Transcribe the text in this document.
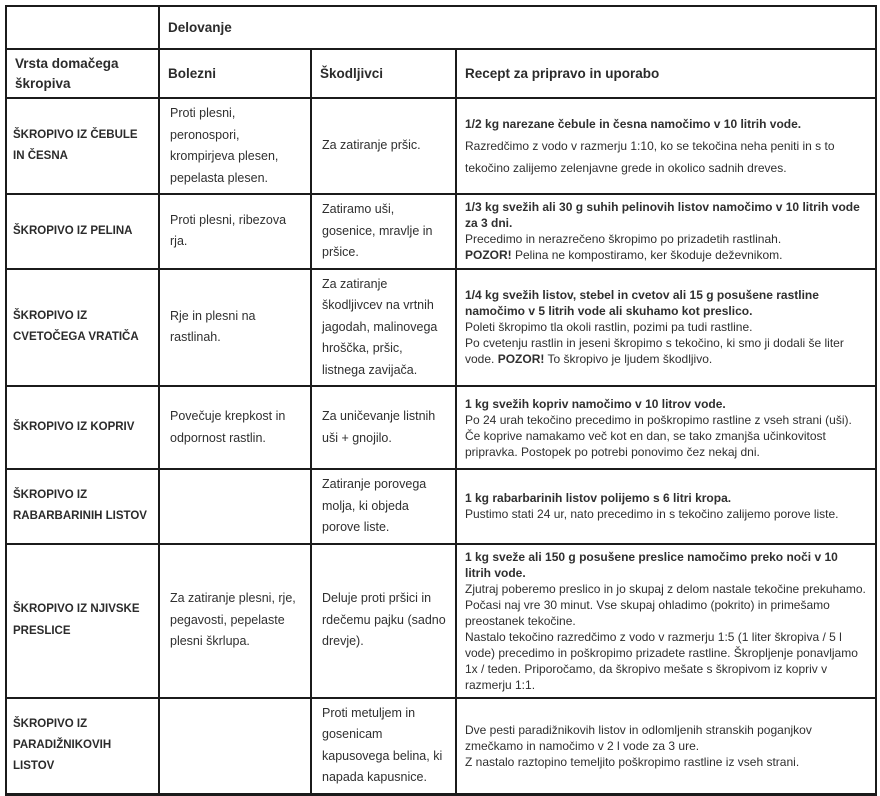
	Delovanje		
Vrsta domačega škropiva	Bolezni	Škodljivci	Recept za pripravo in uporabo
ŠKROPIVO IZ ČEBULE IN ČESNA	Proti plesni, peronospori, krompirjeva plesen, pepelasta plesen.	Za zatiranje pršic.	1/2 kg narezane čebule in česna namočimo v 10 litrih vode.
Razredčimo z vodo v razmerju 1:10, ko se tekočina neha peniti in s to tekočino zalijemo zelenjavne grede in okolico sadnih dreves.

ŠKROPIVO IZ PELINA	Proti plesni, ribezova rja.	Zatiramo uši, gosenice, mravlje in pršice.	1/3 kg svežih ali 30 g suhih pelinovih listov namočimo v 10 litrih vode za 3 dni.
Precedimo in nerazrečeno škropimo po prizadetih rastlinah.
POZOR! Pelina ne kompostiramo, ker škoduje deževnikom.

ŠKROPIVO IZ CVETOČEGA VRATIČA	Rje in plesni na rastlinah.	Za zatiranje škodljivcev na vrtnih jagodah, malinovega hroščka, pršic, listnega zavijača.	1/4 kg svežih listov, stebel in cvetov ali 15 g posušene rastline namočimo v 5 litrih vode ali skuhamo kot preslico.
Poleti škropimo tla okoli rastlin, pozimi pa tudi rastline.
Po cvetenju rastlin in jeseni škropimo s tekočino, ki smo ji dodali še liter vode. POZOR! To škropivo je ljudem škodljivo.

ŠKROPIVO IZ KOPRIV	Povečuje krepkost in odpornost rastlin.	Za uničevanje listnih uši + gnojilo.	1 kg svežih kopriv namočimo v 10 litrov vode.
Po 24 urah tekočino precedimo in poškropimo rastline z vseh strani (uši).
Če koprive namakamo več kot en dan, se tako zmanjša učinkovitost pripravka. Postopek po potrebi ponovimo čez nekaj dni.

ŠKROPIVO IZ RABARBARINIH LISTOV		Zatiranje porovega molja, ki objeda porove liste.	1 kg rabarbarinih listov polijemo s 6 litri kropa.
Pustimo stati 24 ur, nato precedimo in s tekočino zalijemo porove liste.

ŠKROPIVO IZ NJIVSKE PRESLICE	Za zatiranje plesni, rje, pegavosti, pepelaste plesni škrlupa.	Deluje proti pršici in rdečemu pajku (sadno drevje).	1 kg sveže ali 150 g posušene preslice namočimo preko noči v 10 litrih vode.
Zjutraj poberemo preslico in jo skupaj z delom nastale tekočine prekuhamo. Počasi naj vre 30 minut. Vse skupaj ohladimo (pokrito) in primešamo preostanek tekočine.
Nastalo tekočino razredčimo z vodo v razmerju 1:5 (1 liter škropiva / 5 l vode) precedimo in poškropimo prizadete rastline. Škropljenje ponavljamo 1x / teden. Priporočamo, da škropivo mešate s škropivom iz kopriv v razmerju 1:1.

ŠKROPIVO IZ PARADIŽNIKOVIH LISTOV		Proti metuljem in gosenicam kapusovega belina, ki napada kapusnice.	Dve pesti paradižnikovih listov in odlomljenih stranskih poganjkov zmečkamo in namočimo v 2 l vode za 3 ure.
Z nastalo raztopino temeljito poškropimo rastline iz vseh strani.
